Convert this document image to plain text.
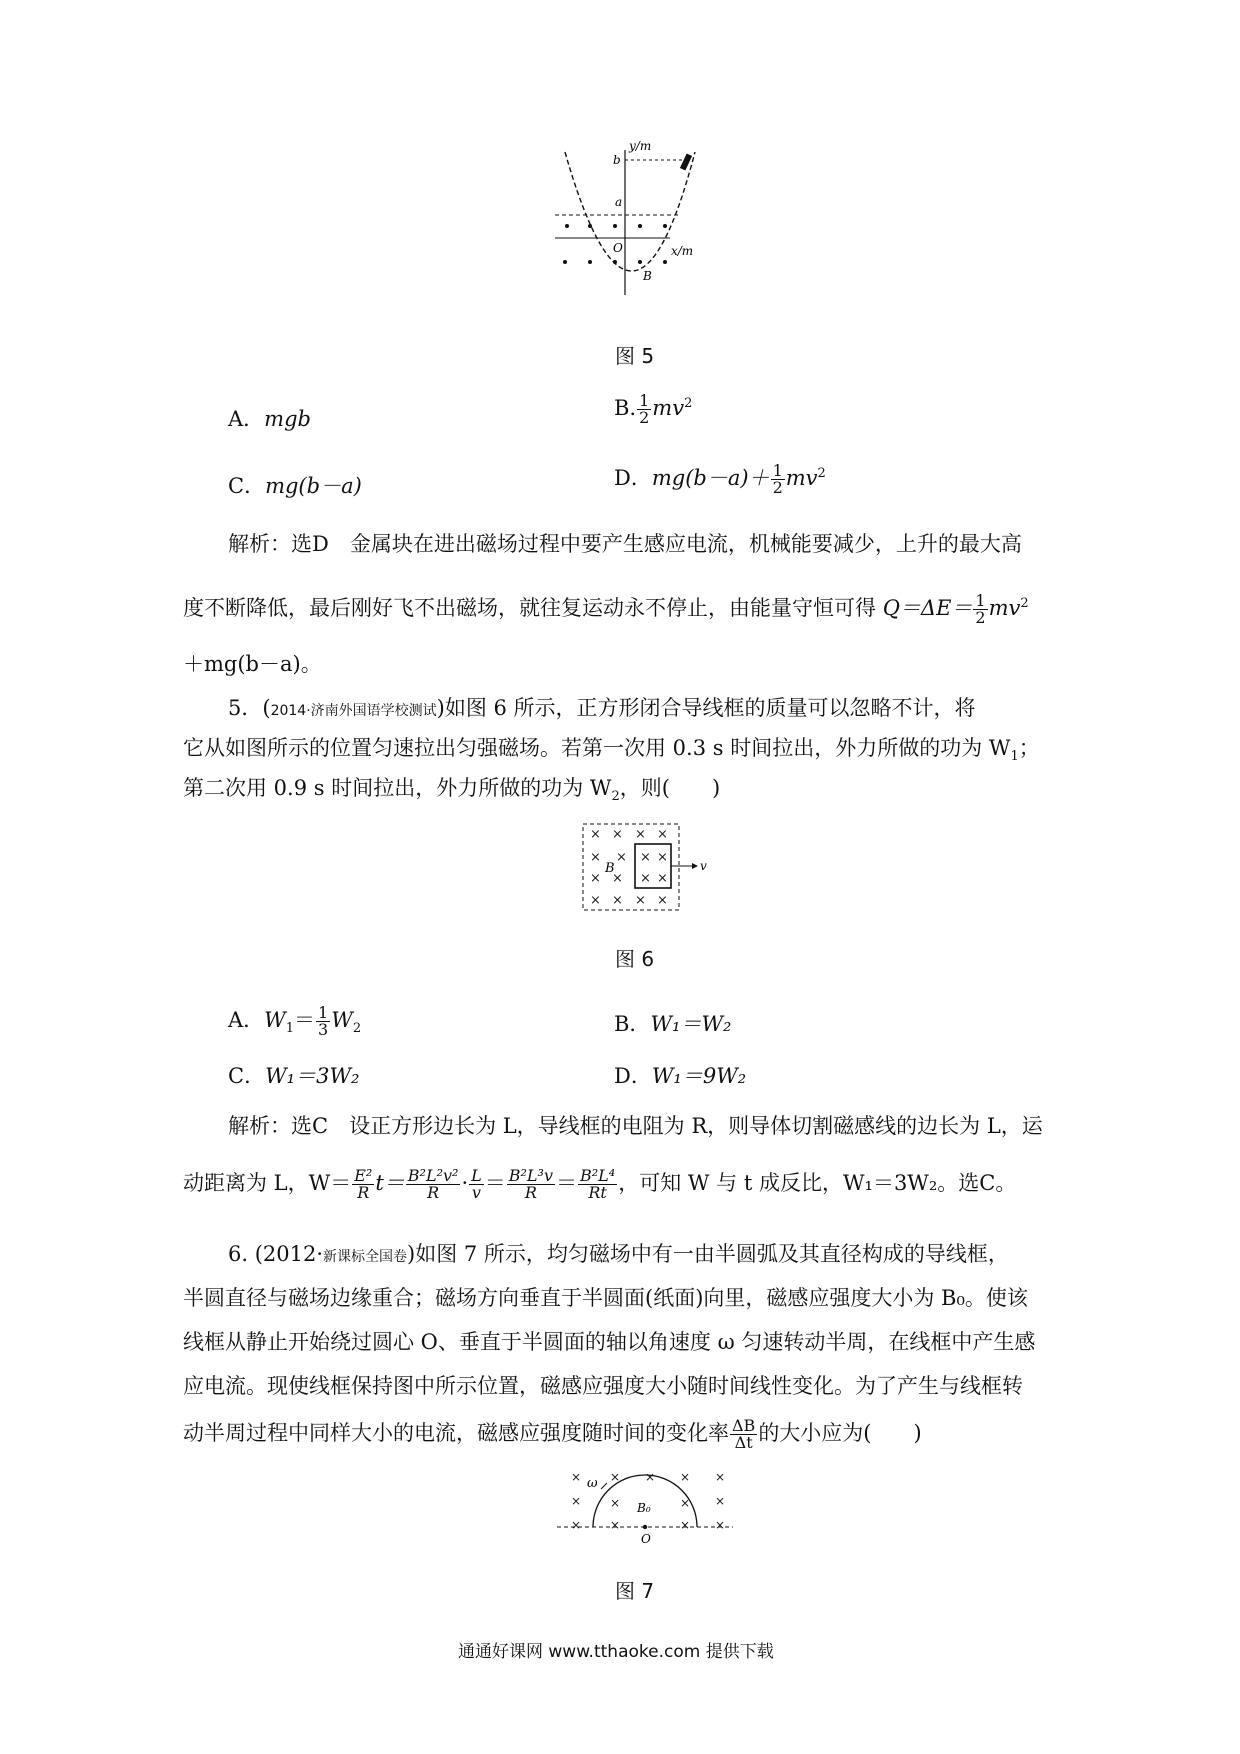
y/m
b
a
O	x/m
B
图 5
A．mgb	B. $\frac{1}{2} mv^2$
C．mg(b－a)	D．$mg(b-a)+ \frac{1}{2} mv^2$
解析：选D　金属块在进出磁场过程中要产生感应电流，机械能要减少，上升的最大高
度不断降低，最后刚好飞不出磁场，就往复运动永不停止，由能量守恒可得 $Q=\Delta E= \frac{1}{2} mv^2$
＋mg(b－a)。
5．(2014·济南外国语学校测试)如图 6 所示，正方形闭合导线框的质量可以忽略不计，将
它从如图所示的位置匀速拉出匀强磁场。若第一次用 0.3 s 时间拉出，外力所做的功为 $W_1$；
第二次用 0.9 s 时间拉出，外力所做的功为 $W_2$，则(　　)
× × × ×
× × × ×
× × × ×
× × × ×
B	v
图 6
A．$W_1= \frac{1}{3} W_2$	B．W₁＝W₂
C．W₁＝3W₂	D．W₁＝9W₂
解析：选C　设正方形边长为 L，导线框的电阻为 R，则导体切割磁感线的边长为 L，运
动距离为 L，$W= \frac{\text{E²}}{R} t= \frac{\text{B²L²v²}}{R} \cdot \frac{L}{v} = \frac{\text{B²L³v}}{R} = \frac{\text{B²L⁴}}{Rt}$ ，可知 W 与 t 成反比，W₁＝3W₂。选C。
6. (2012·新课标全国卷)如图 7 所示，均匀磁场中有一由半圆弧及其直径构成的导线框，
半圆直径与磁场边缘重合；磁场方向垂直于半圆面(纸面)向里，磁感应强度大小为 B₀。使该
线框从静止开始绕过圆心 O、垂直于半圆面的轴以角速度 ω 匀速转动半周，在线框中产生感
应电流。现使线框保持图中所示位置，磁感应强度大小随时间线性变化。为了产生与线框转
动半周过程中同样大小的电流，磁感应强度随时间的变化率 $\frac{\Delta B}{\Delta t}$ 的大小应为(　　)
× × × × ×
× ×	× ×
× ×	× ×
ω
B₀
O
图 7
通通好课网 www.tthaoke.com 提供下载
